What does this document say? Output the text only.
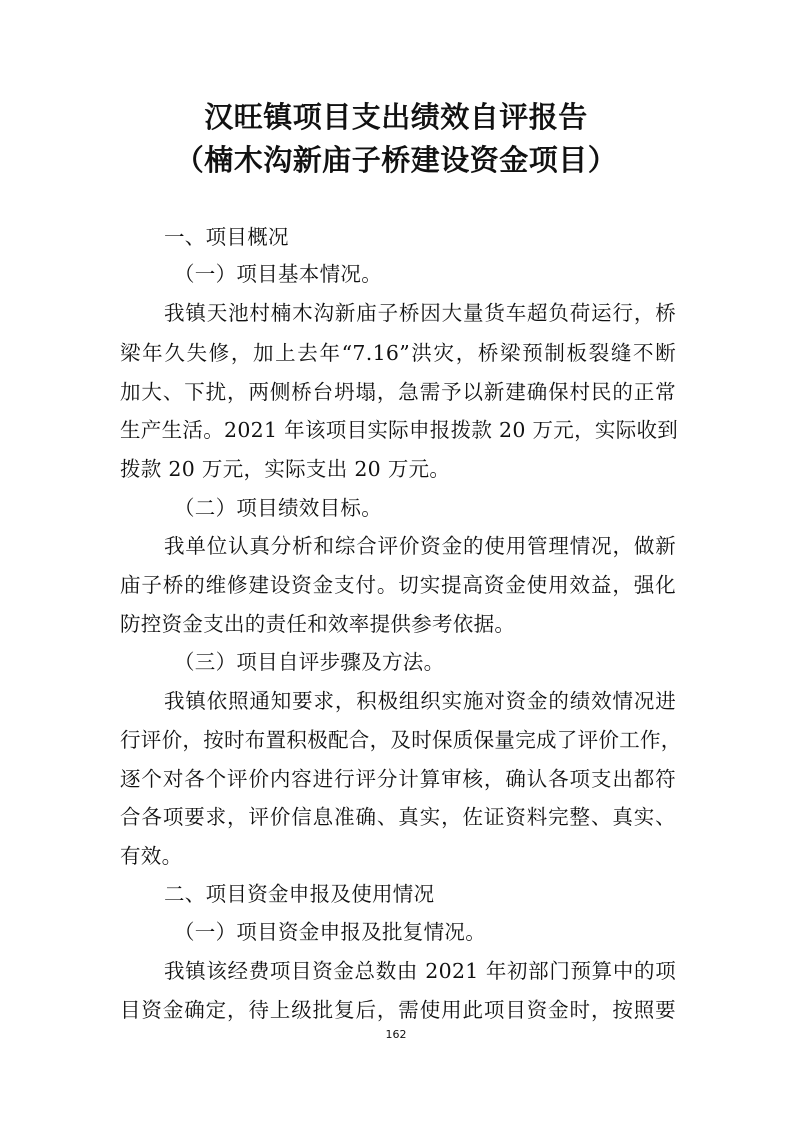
汉旺镇项目支出绩效自评报告
（楠木沟新庙子桥建设资金项目）
一、项目概况
（一）项目基本情况。
我镇天池村楠木沟新庙子桥因大量货车超负荷运行，桥
梁年久失修，加上去年“7.16”洪灾，桥梁预制板裂缝不断
加大、下扰，两侧桥台坍塌，急需予以新建确保村民的正常
生产生活。2021 年该项目实际申报拨款 20 万元，实际收到
拨款 20 万元，实际支出 20 万元。
（二）项目绩效目标。
我单位认真分析和综合评价资金的使用管理情况，做新
庙子桥的维修建设资金支付。切实提高资金使用效益，强化
防控资金支出的责任和效率提供参考依据。
（三）项目自评步骤及方法。
我镇依照通知要求，积极组织实施对资金的绩效情况进
行评价，按时布置积极配合，及时保质保量完成了评价工作，
逐个对各个评价内容进行评分计算审核，确认各项支出都符
合各项要求，评价信息准确、真实，佐证资料完整、真实、
有效。
二、项目资金申报及使用情况
（一）项目资金申报及批复情况。
我镇该经费项目资金总数由 2021 年初部门预算中的项
目资金确定，待上级批复后，需使用此项目资金时，按照要
162
